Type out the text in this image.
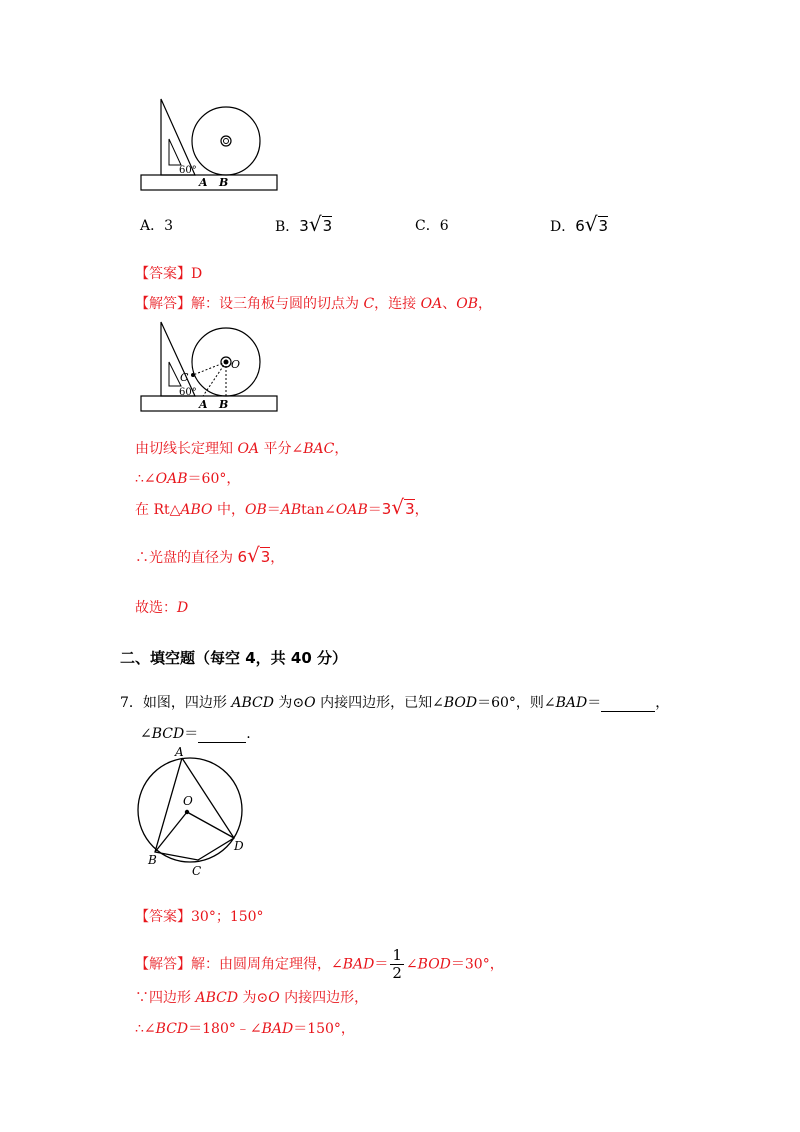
60°
A B
A．3	B．3√3	C．6	D．6√3
【答案】D
【解答】解：设三角板与圆的切点为 C，连接 OA、OB，
C
O
60°
A B
由切线长定理知 OA 平分∠BAC，
∴∠OAB＝60°，
在 Rt△ABO 中，OB＝ABtan∠OAB＝3√3，
∴光盘的直径为 6√3，
故选：D
二、填空题（每空 4，共 40 分）
7．如图，四边形 ABCD 为⊙O 内接四边形，已知∠BOD＝60°，则∠BAD＝	，
∠BCD＝	.
A
O
B
C
D
【答案】30°；150°
【解答】解：由圆周角定理得，∠BAD＝ $\frac{1}{2}$ ∠BOD＝30°，
∵四边形 ABCD 为⊙O 内接四边形，
∴∠BCD＝180°﹣∠BAD＝150°，
